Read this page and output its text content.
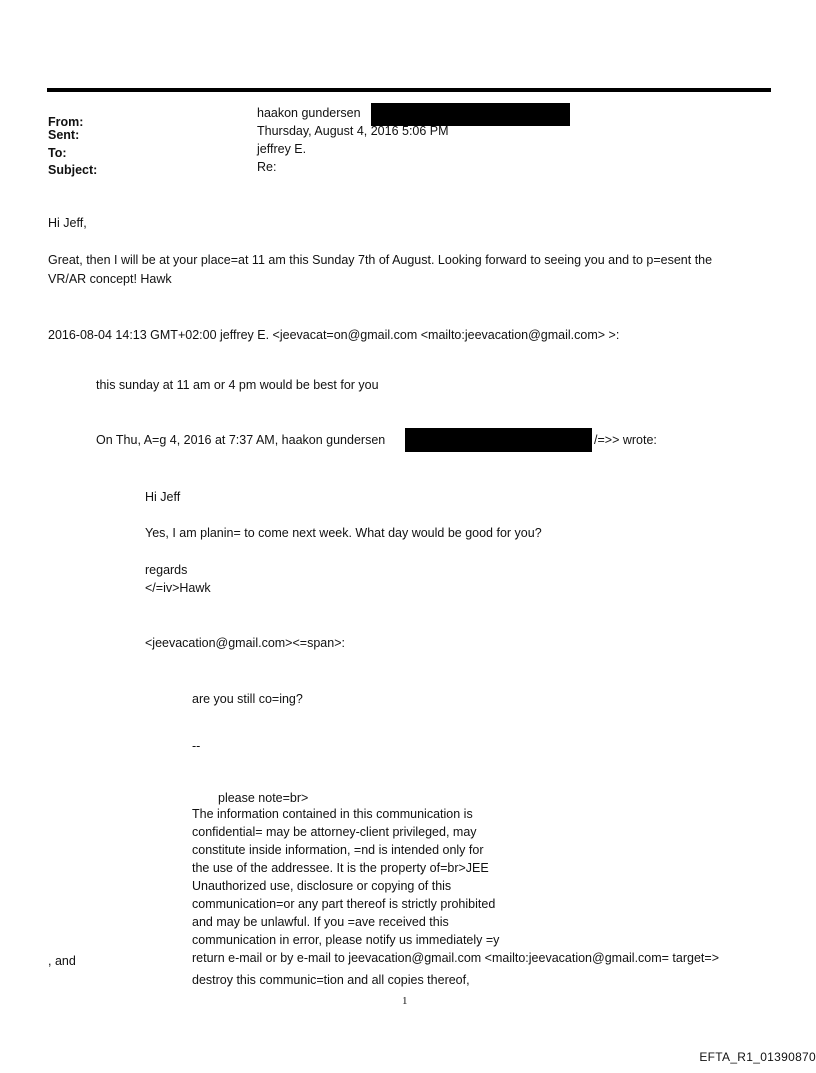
From:
haakon gundersen
Sent:	Thursday, August 4, 2016 5:06 PM
To:	jeffrey E.
Subject:	Re:
Hi Jeff,
Great, then I will be at your place=at 11 am this Sunday 7th of August. Looking forward to seeing you and to p=esent the
VR/AR concept! Hawk
2016-08-04 14:13 GMT+02:00 jeffrey E. <jeevacat=on@gmail.com <mailto:jeevacation@gmail.com> >:
this sunday at 11 am or 4 pm would be best for you
On Thu, A=g 4, 2016 at 7:37 AM, haakon gundersen	/=>> wrote:
Hi Jeff
Yes, I am planin= to come next week. What day would be good for you?
regards
</=iv>Hawk
<jeevacation@gmail.com><=span>:
are you still co=ing?
--
please note=br>
The information contained in this communication is
confidential= may be attorney-client privileged, may
constitute inside information, =nd is intended only for
the use of the addressee. It is the property of=br>JEE
Unauthorized use, disclosure or copying of this
communication=or any part thereof is strictly prohibited
and may be unlawful. If you =ave received this
communication in error, please notify us immediately =y
return e-mail or by e-mail to jeevacation@gmail.com <mailto:jeevacation@gmail.com= target=>
, and
destroy this communic=tion and all copies thereof,
1
EFTA_R1_01390870
